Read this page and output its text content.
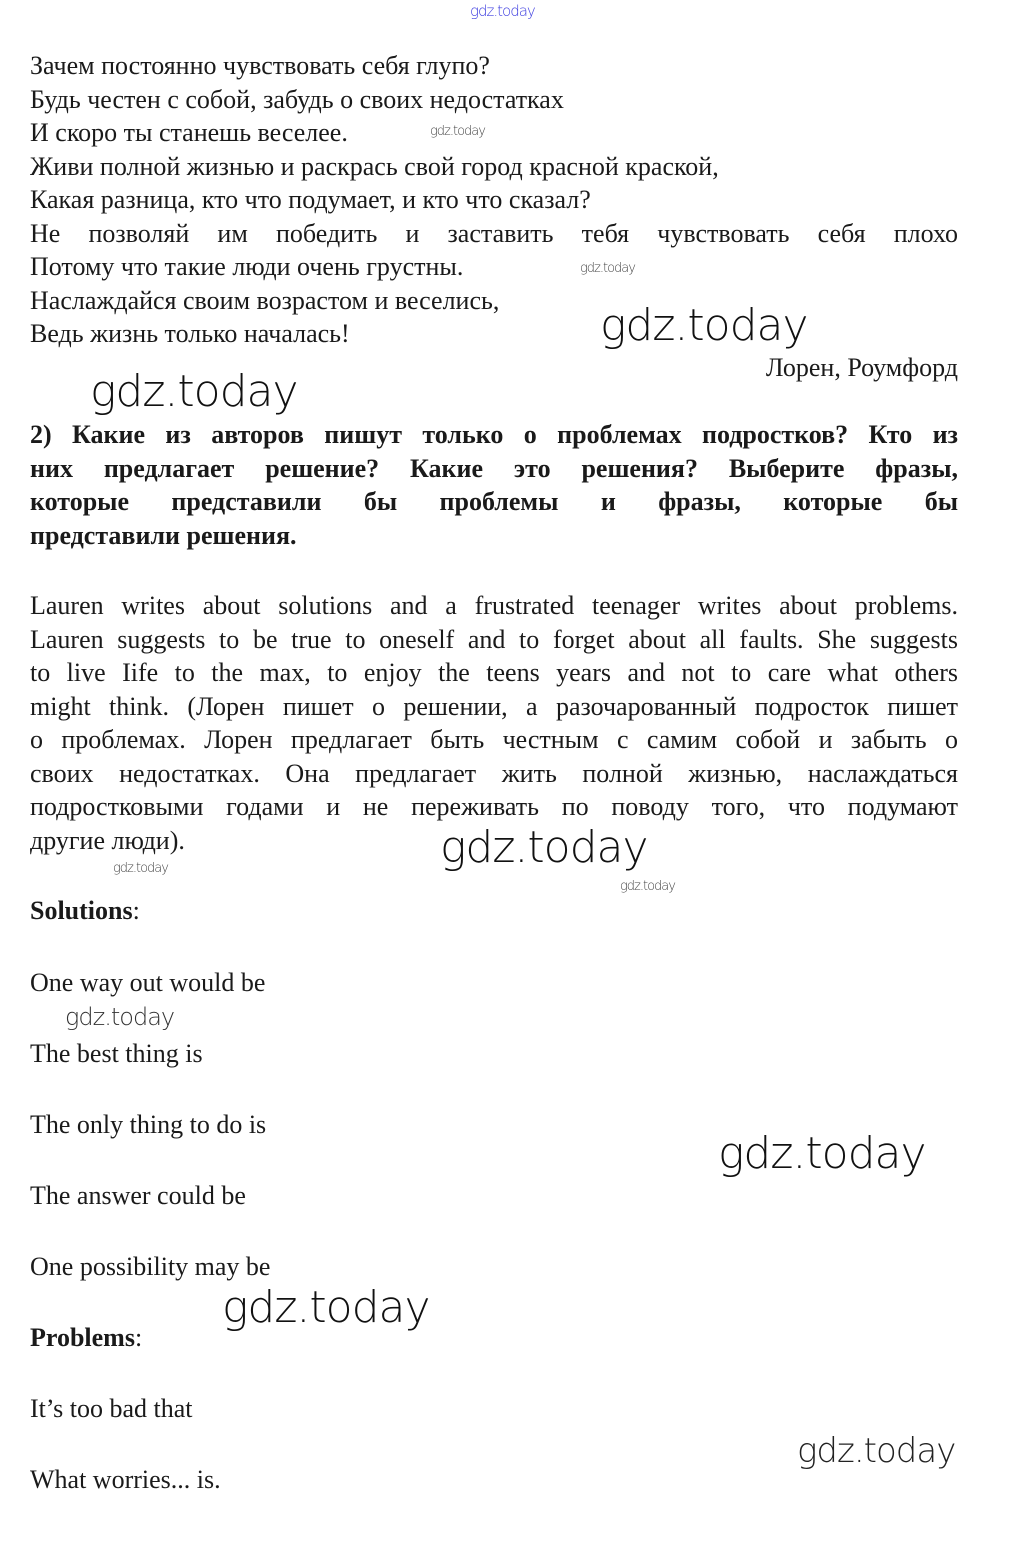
gdz.today
Зачем постоянно чувствовать себя глупо?
Будь честен с собой, забудь о своих недостатках
И скоро ты станешь веселее.
Живи полной жизнью и раскрась свой город красной краской,
Какая разница, кто что подумает, и кто что сказал?
Не позволяй им победить и заставить тебя чувствовать себя плохо
Потому что такие люди очень грустны.
Наслаждайся своим возрастом и веселись,
Ведь жизнь только началась!
Лорен, Роумфорд
2) Какие из авторов пишут только о проблемах подростков? Кто из
них предлагает решение? Какие это решения? Выберите фразы,
которые представили бы проблемы и фразы, которые бы
представили решения.
Lauren writes about solutions and a frustrated teenager writes about problems.
Lauren suggests to be true to oneself and to forget about all faults. She suggests
to live Iife to the max, to enjoy the teens years and not to care what others
might think. (Лорен пишет о решении, а разочарованный подросток пишет
о проблемах. Лорен предлагает быть честным с самим собой и забыть о
своих недостатках. Она предлагает жить полной жизнью, наслаждаться
подростковыми годами и не переживать по поводу того, что подумают
другие люди).
Solutions:
One way out would be
The best thing is
The only thing to do is
The answer could be
One possibility may be
Problems:
It’s too bad that
What worries... is.
gdz.today
gdz.today
gdz.today
gdz.today
gdz.today
gdz.today
gdz.today
gdz.today
gdz.today
gdz.today
gdz.today
